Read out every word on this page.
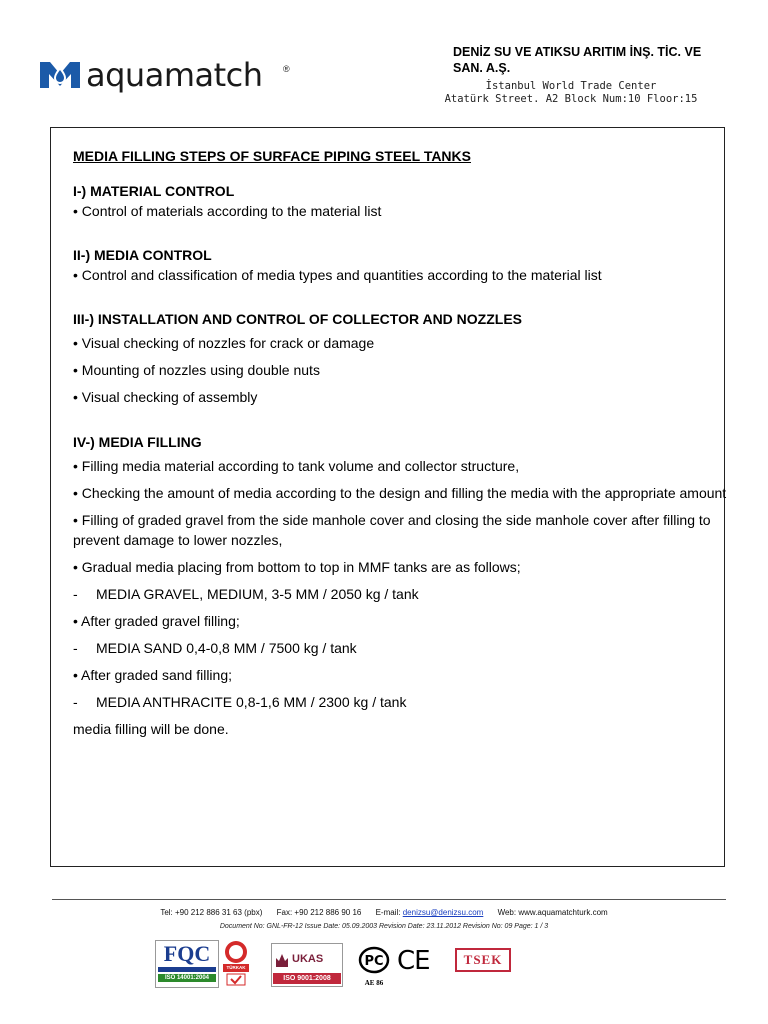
aquamatch ®
DENİZ SU VE ATIKSU ARITIM İNŞ. TİC. VE SAN. A.Ş.
İstanbul World Trade Center
Atatürk Street. A2 Block Num:10 Floor:15

MEDIA FILLING STEPS OF SURFACE PIPING STEEL TANKS

I-) MATERIAL CONTROL

• Control of materials according to the material list

II-) MEDIA CONTROL

• Control and classification of media types and quantities according to the material list

III-) INSTALLATION AND CONTROL OF COLLECTOR AND NOZZLES

• Visual checking of nozzles for crack or damage

• Mounting of nozzles using double nuts

• Visual checking of assembly

IV-) MEDIA FILLING

• Filling media material according to tank volume and collector structure,

• Checking the amount of media according to the design and filling the media with the appropriate amount

• Filling of graded gravel from the side manhole cover and closing the side manhole cover after filling to prevent damage to lower nozzles,

• Gradual media placing from bottom to top in MMF tanks are as follows;

- MEDIA GRAVEL, MEDIUM, 3-5 MM / 2050 kg / tank

• After graded gravel filling;

- MEDIA SAND 0,4-0,8 MM / 7500 kg / tank

• After graded sand filling;

- MEDIA ANTHRACITE 0,8-1,6 MM / 2300 kg / tank

media filling will be done.

Tel: +90 212 886 31 63 (pbx) Fax: +90 212 886 90 16 E-mail: denizsu@denizsu.com Web: www.aquamatchturk.com
Document No: GNL-FR-12 Issue Date: 05.09.2003 Revision Date: 23.11.2012 Revision No: 09 Page: 1 / 3
FQC
ISO 14001:2004
TÜRKAK
UKAS
ISO 9001:2008
PC
AE 86
CE	TSEK
